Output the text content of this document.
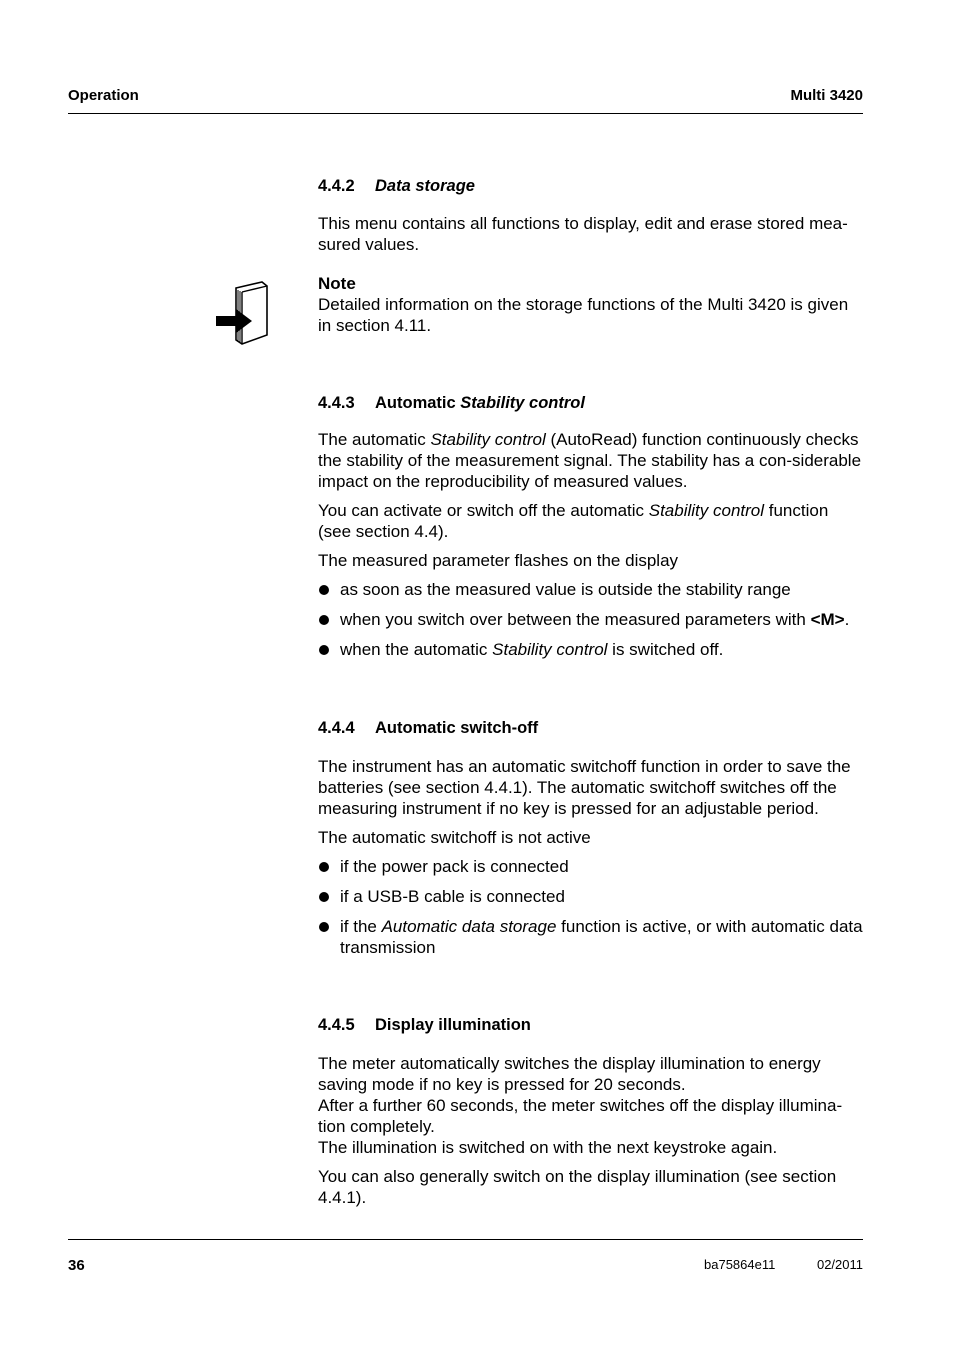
Operation	Multi 3420
4.4.2 Data storage

This menu contains all functions to display, edit and erase stored mea-sured values.

Note
Detailed information on the storage functions of the Multi 3420 is given in section 4.11.
4.4.3 Automatic Stability control

The automatic Stability control (AutoRead) function continuously checks the stability of the measurement signal. The stability has a con-siderable impact on the reproducibility of measured values.

You can activate or switch off the automatic Stability control function (see section 4.4).

The measured parameter flashes on the display

as soon as the measured value is outside the stability range
when you switch over between the measured parameters with <M>.
when the automatic Stability control is switched off.
4.4.4 Automatic switch-off

The instrument has an automatic switchoff function in order to save the batteries (see section 4.4.1). The automatic switchoff switches off the measuring instrument if no key is pressed for an adjustable period.

The automatic switchoff is not active

if the power pack is connected
if a USB-B cable is connected
if the Automatic data storage function is active, or with automatic data transmission
4.4.5 Display illumination

The meter automatically switches the display illumination to energy saving mode if no key is pressed for 20 seconds.

After a further 60 seconds, the meter switches off the display illumina-tion completely.

The illumination is switched on with the next keystroke again.

You can also generally switch on the display illumination (see section 4.4.1).

36	ba75864e11	02/2011
